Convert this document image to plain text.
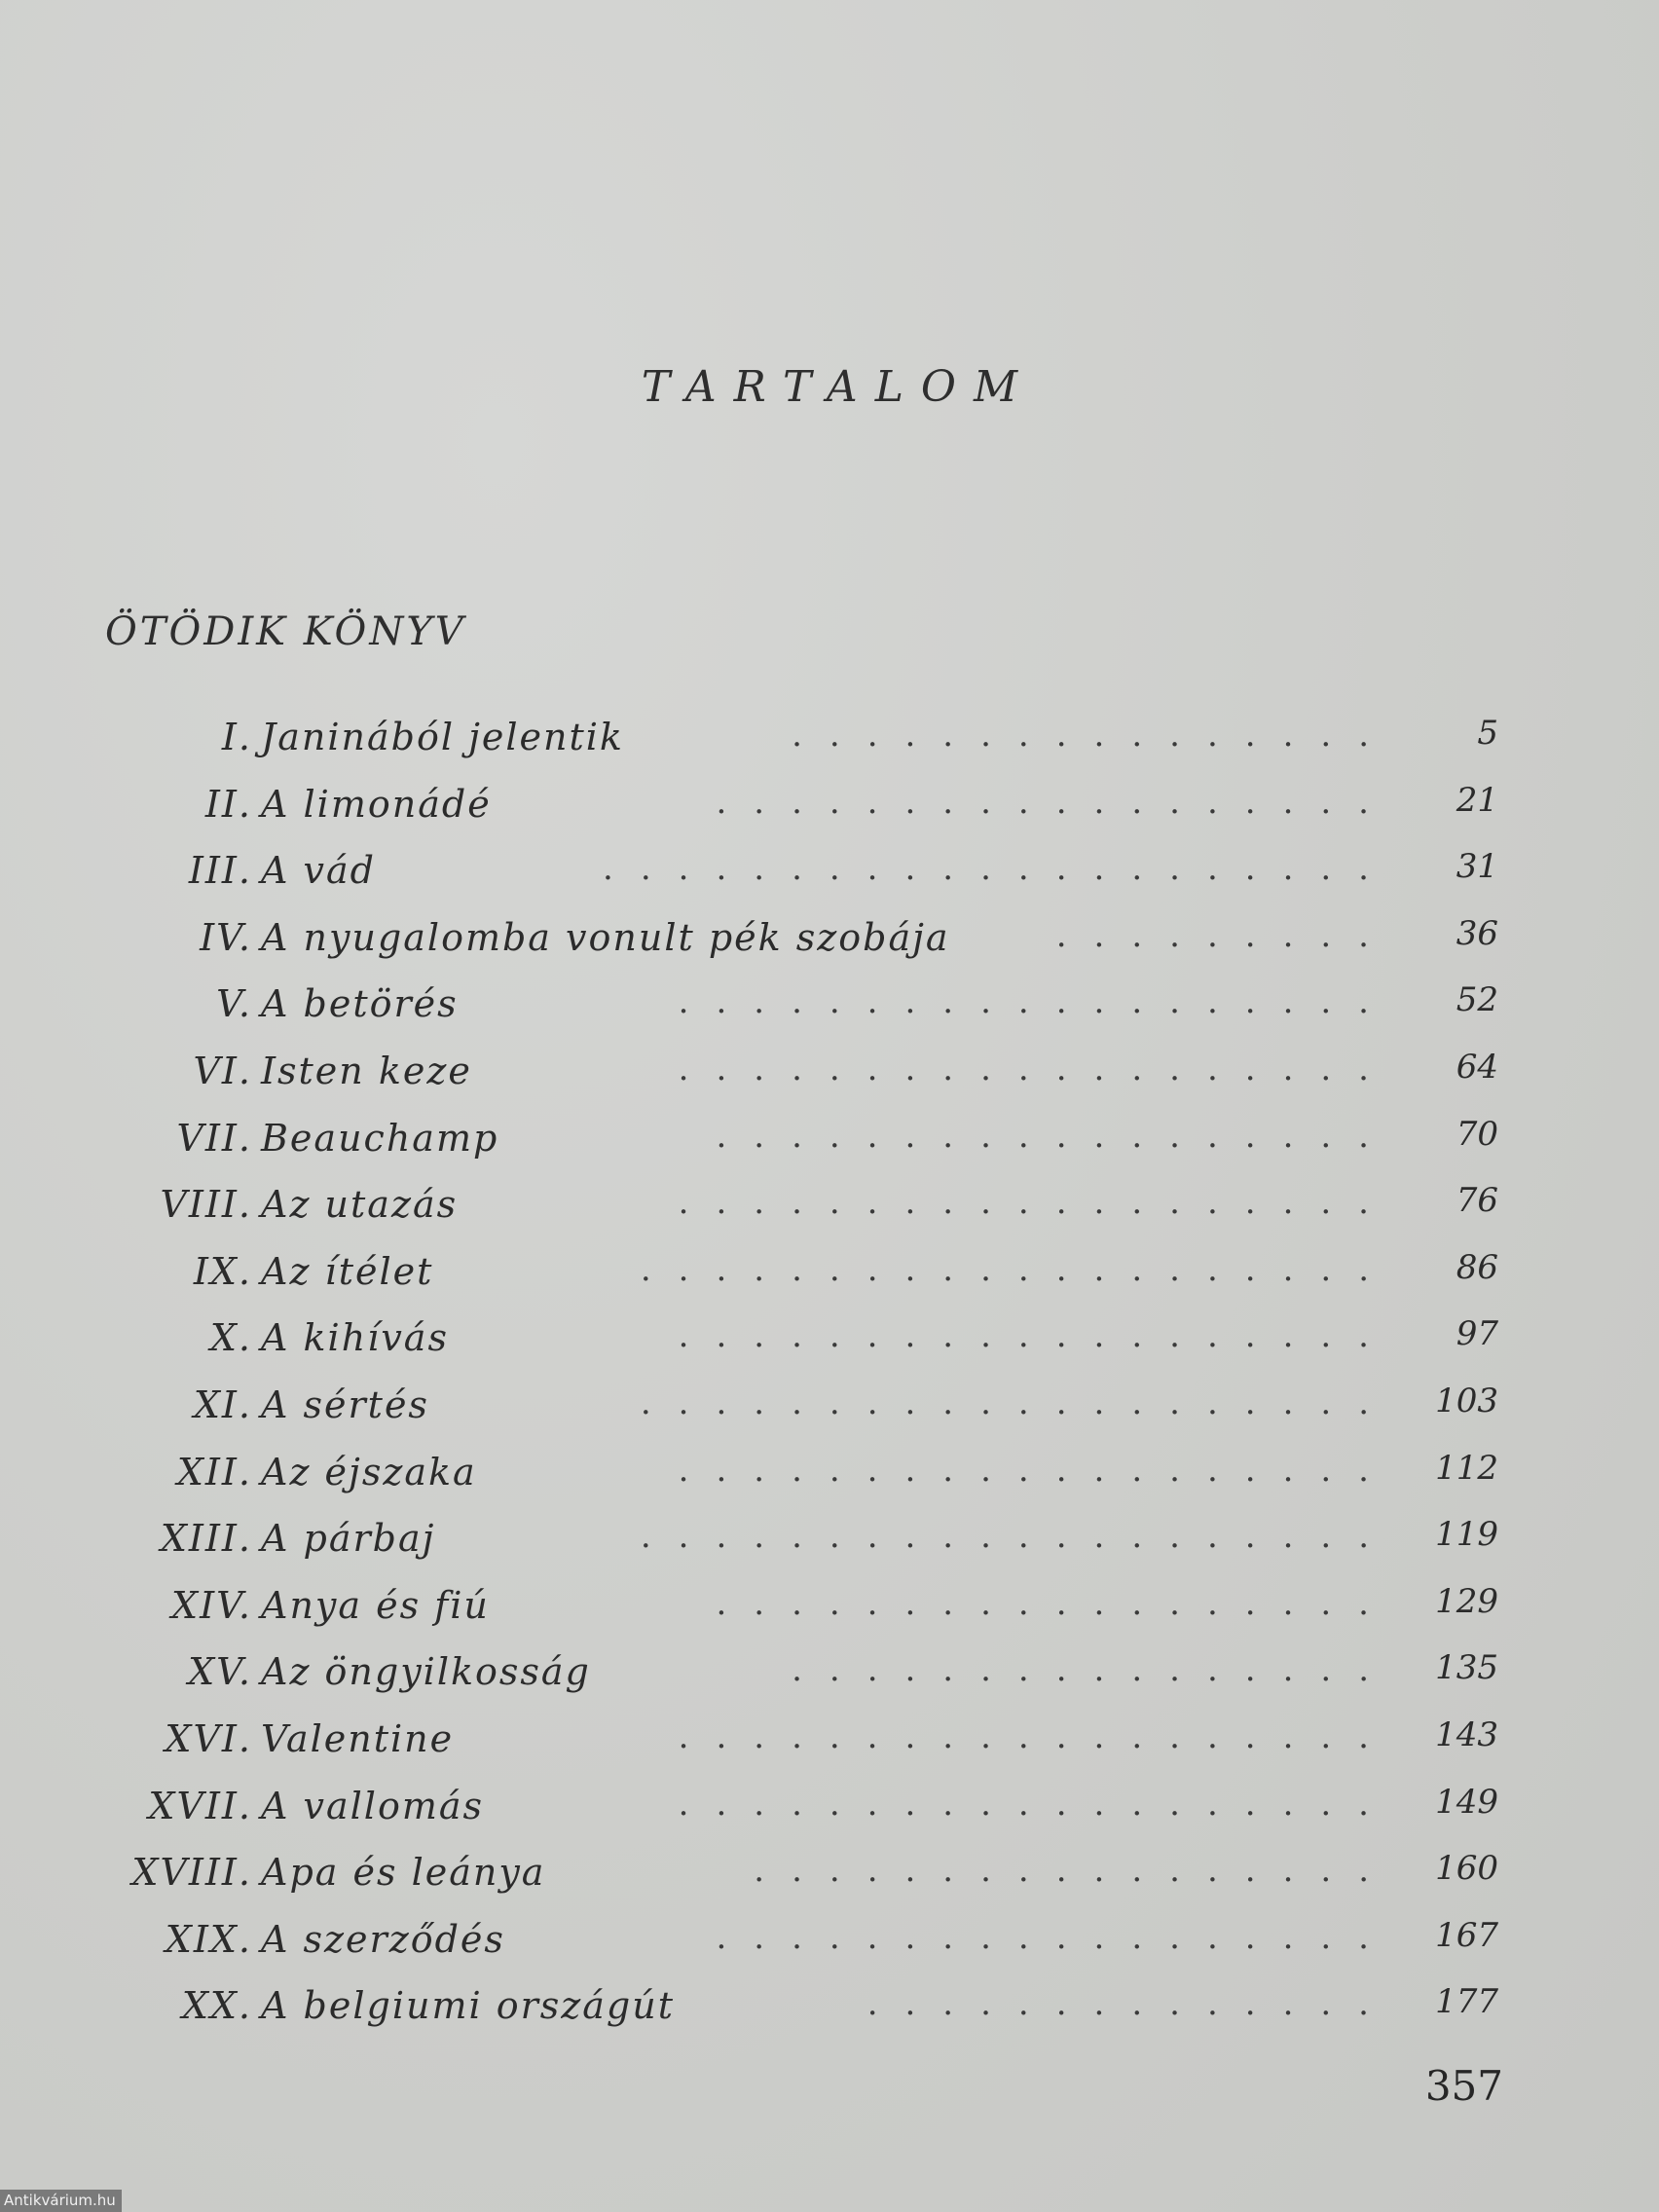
TARTALOM
ÖTÖDIK KÖNYV
I. Janinából jelentik	................ 5
II. A limonádé	.................. 21
III. A vád	..................... 31
IV. A nyugalomba vonult pék szobája	......... 36
V. A betörés	................... 52
VI. Isten keze	................... 64
VII. Beauchamp	.................. 70
VIII. Az utazás	................... 76
IX. Az ítélet	.................... 86
X. A kihívás	................... 97
XI. A sértés	.................... 103
XII. Az éjszaka	................... 112
XIII. A párbaj	.................... 119
XIV. Anya és fiú	.................. 129
XV. Az öngyilkosság	................ 135
XVI. Valentine	................... 143
XVII. A vallomás	................... 149
XVIII. Apa és leánya	................. 160
XIX. A szerződés	.................. 167
XX. A belgiumi országút	.............. 177
357
Antikvárium.hu
